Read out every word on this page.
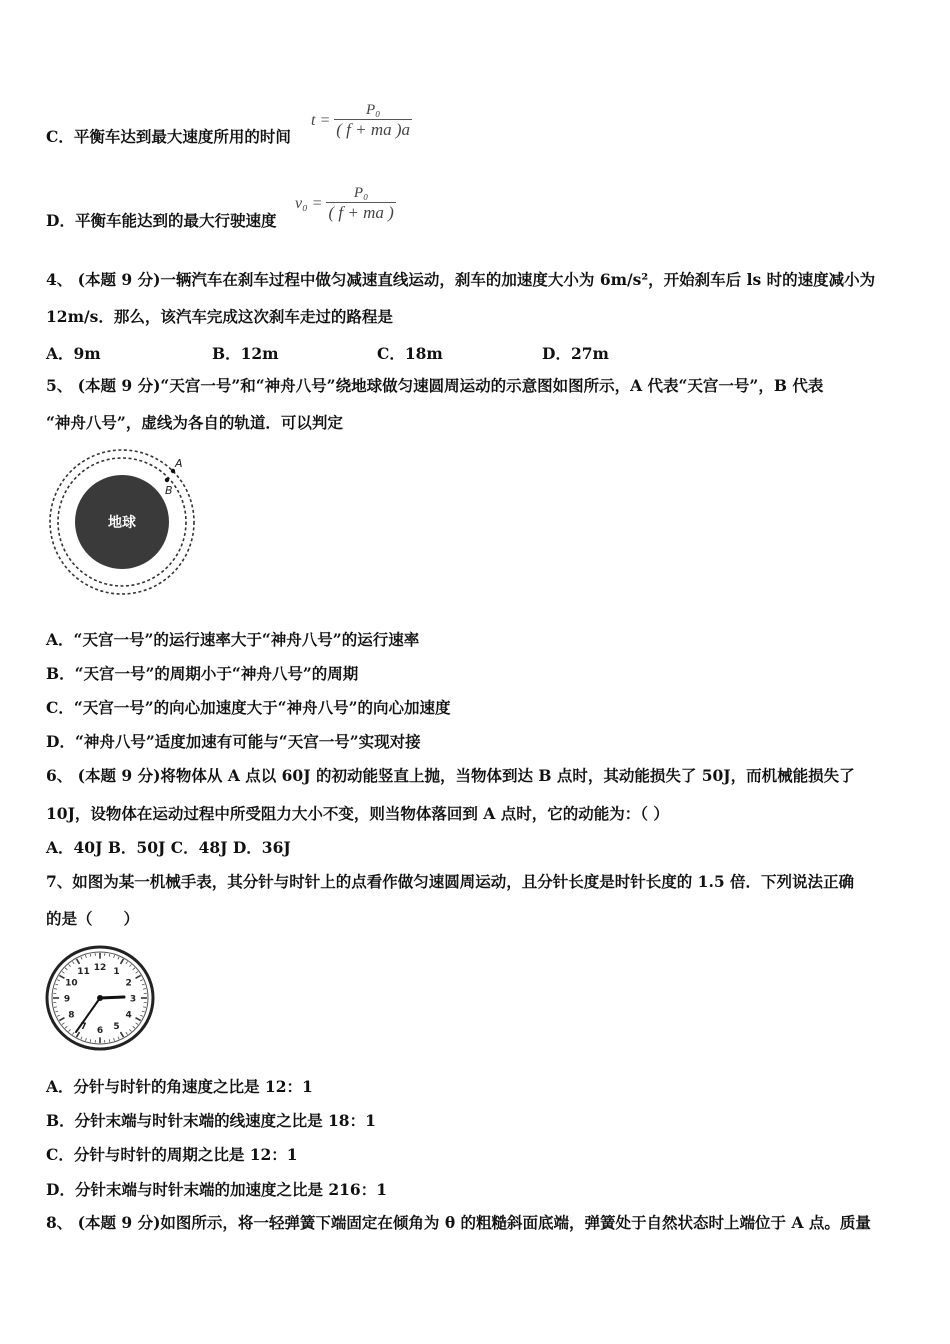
C．平衡车达到最大速度所用的时间
$t = \frac{\text{P₀}}{( f + ma )a}$
D．平衡车能达到的最大行驶速度
$v_0 = \frac{\text{P₀}}{( f + ma )}$
4、 (本题 9 分)一辆汽车在刹车过程中做匀减速直线运动，刹车的加速度大小为 6m/s²，开始刹车后 ls 时的速度减小为
12m/s．那么，该汽车完成这次刹车走过的路程是
A．9m	B．12m	C．18m	D．27m
5、 (本题 9 分)“天宫一号”和“神舟八号”绕地球做匀速圆周运动的示意图如图所示，A 代表“天宫一号”，B 代表
“神舟八号”，虚线为各自的轨道．可以判定
地球
A
B
A．“天宫一号”的运行速率大于“神舟八号”的运行速率
B．“天宫一号”的周期小于“神舟八号”的周期
C．“天宫一号”的向心加速度大于“神舟八号”的向心加速度
D．“神舟八号”适度加速有可能与“天宫一号”实现对接
6、 (本题 9 分)将物体从 A 点以 60J 的初动能竖直上抛，当物体到达 B 点时，其动能损失了 50J，而机械能损失了
10J，设物体在运动过程中所受阻力大小不变，则当物体落回到 A 点时，它的动能为：（ ）
A．40J B．50J C．48J D．36J
7、如图为某一机械手表，其分针与时针上的点看作做匀速圆周运动，且分针长度是时针长度的 1.5 倍．下列说法正确
的是（　　）
12 1
2
3
4
5
6
7
8
9
10
11
A．分针与时针的角速度之比是 12：1
B．分针末端与时针末端的线速度之比是 18：1
C．分针与时针的周期之比是 12：1
D．分针末端与时针末端的加速度之比是 216：1
8、 (本题 9 分)如图所示，将一轻弹簧下端固定在倾角为 θ 的粗糙斜面底端，弹簧处于自然状态时上端位于 A 点。质量
